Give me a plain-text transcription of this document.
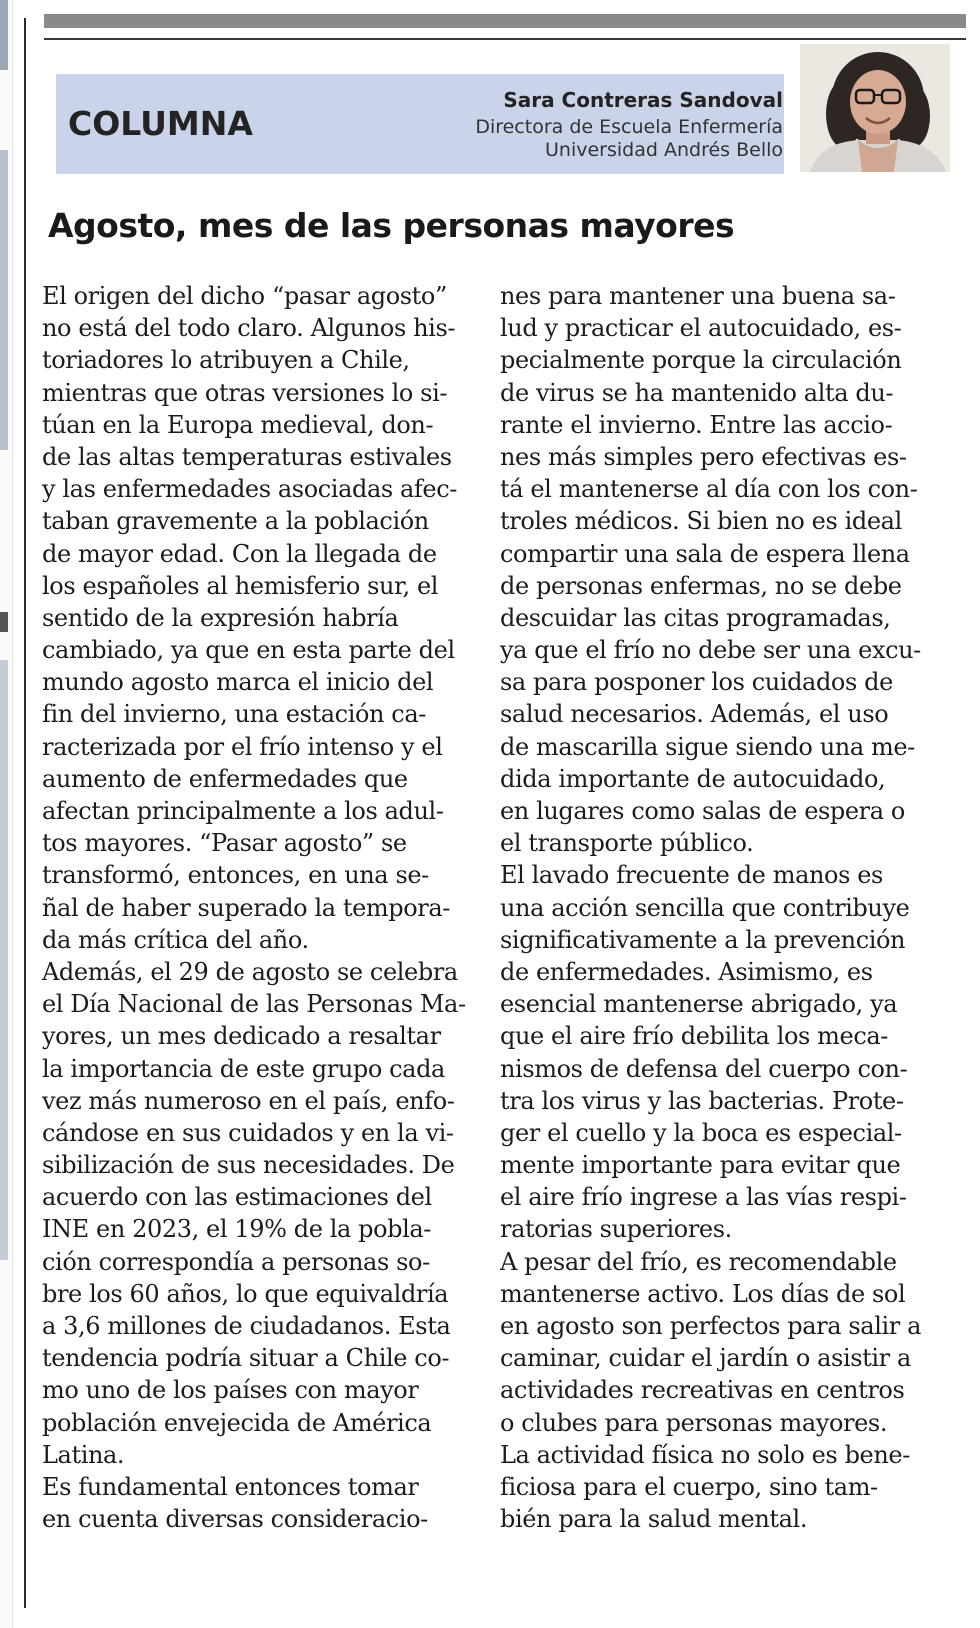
COLUMNA
Sara Contreras Sandoval
Directora de Escuela Enfermería
Universidad Andrés Bello
Agosto, mes de las personas mayores
El origen del dicho “pasar agosto”
no está del todo claro. Algunos his-
toriadores lo atribuyen a Chile,
mientras que otras versiones lo si-
túan en la Europa medieval, don-
de las altas temperaturas estivales
y las enfermedades asociadas afec-
taban gravemente a la población
de mayor edad. Con la llegada de
los españoles al hemisferio sur, el
sentido de la expresión habría
cambiado, ya que en esta parte del
mundo agosto marca el inicio del
fin del invierno, una estación ca-
racterizada por el frío intenso y el
aumento de enfermedades que
afectan principalmente a los adul-
tos mayores. “Pasar agosto” se
transformó, entonces, en una se-
ñal de haber superado la tempora-
da más crítica del año.
Además, el 29 de agosto se celebra
el Día Nacional de las Personas Ma-
yores, un mes dedicado a resaltar
la importancia de este grupo cada
vez más numeroso en el país, enfo-
cándose en sus cuidados y en la vi-
sibilización de sus necesidades. De
acuerdo con las estimaciones del
INE en 2023, el 19% de la pobla-
ción correspondía a personas so-
bre los 60 años, lo que equivaldría
a 3,6 millones de ciudadanos. Esta
tendencia podría situar a Chile co-
mo uno de los países con mayor
población envejecida de América
Latina.
Es fundamental entonces tomar
en cuenta diversas consideracio-
nes para mantener una buena sa-
lud y practicar el autocuidado, es-
pecialmente porque la circulación
de virus se ha mantenido alta du-
rante el invierno. Entre las accio-
nes más simples pero efectivas es-
tá el mantenerse al día con los con-
troles médicos. Si bien no es ideal
compartir una sala de espera llena
de personas enfermas, no se debe
descuidar las citas programadas,
ya que el frío no debe ser una excu-
sa para posponer los cuidados de
salud necesarios. Además, el uso
de mascarilla sigue siendo una me-
dida importante de autocuidado,
en lugares como salas de espera o
el transporte público.
El lavado frecuente de manos es
una acción sencilla que contribuye
significativamente a la prevención
de enfermedades. Asimismo, es
esencial mantenerse abrigado, ya
que el aire frío debilita los meca-
nismos de defensa del cuerpo con-
tra los virus y las bacterias. Prote-
ger el cuello y la boca es especial-
mente importante para evitar que
el aire frío ingrese a las vías respi-
ratorias superiores.
A pesar del frío, es recomendable
mantenerse activo. Los días de sol
en agosto son perfectos para salir a
caminar, cuidar el jardín o asistir a
actividades recreativas en centros
o clubes para personas mayores.
La actividad física no solo es bene-
ficiosa para el cuerpo, sino tam-
bién para la salud mental.
